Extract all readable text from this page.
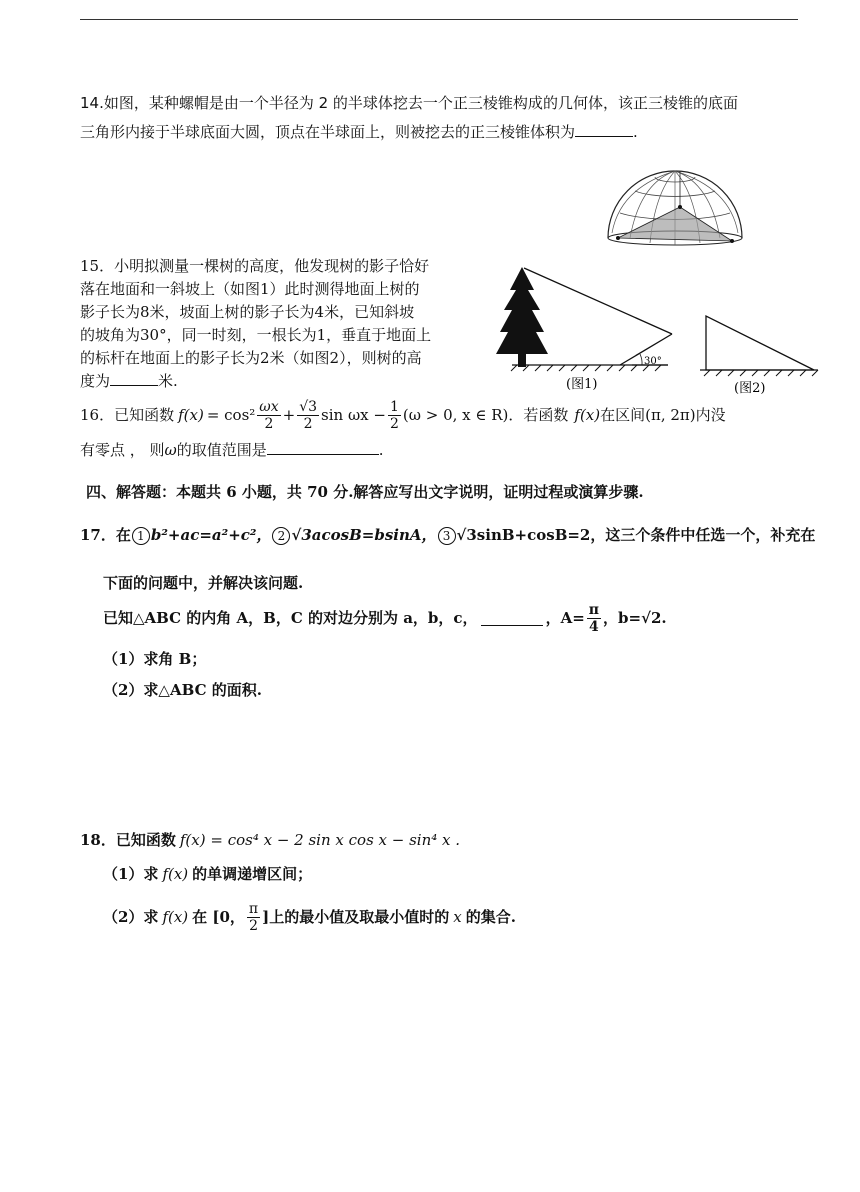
14.如图，某种螺帽是由一个半径为 2 的半球体挖去一个正三棱锥构成的几何体，该正三棱锥的底面
三角形内接于半球底面大圆，顶点在半球面上，则被挖去的正三棱锥体积为	.
15．小明拟测量一棵树的高度，他发现树的影子恰好
落在地面和一斜坡上（如图1）此时测得地面上树的
影子长为8米，坡面上树的影子长为4米，已知斜坡
的坡角为30°，同一时刻，一根长为1，垂直于地面上
的标杆在地面上的影子长为2米（如图2），则树的高
度为	米.
30°
(图1)	(图2)
16．已知函数 $f(x) = \cos^2 \frac{\omega x}{2} + \frac{√3}{2}$ $\sin \omega x - \frac{1}{2} (\omega > 0$, x ∈ R)．若函数 f(x) 在区间 (π, 2π) 内没
有零点 ， 则ω的取值范围是	.
四、解答题：本题共 6 小题，共 70 分.解答应写出文字说明，证明过程或演算步骤.
17．在 1 b²+ac=a²+c²， 2 √3acosB=bsinA， 3 √3sinB+cosB=2，这三个条件中任选一个，补充在
下面的问题中，并解决该问题.
已知△ABC 的内角 A，B，C 的对边分别为 a，b，c，	，$A= \frac{\pi}{4}$ ，b=√2.
（1）求角 B；
（2）求△ABC 的面积.
18．已知函数 f(x) = cos⁴ x − 2 sin x cos x − sin⁴ x .
（1）求 f(x) 的单调递增区间；
（2）求 f(x) 在 [0， $\frac{\pi}{2}$ ]上的最小值及取最小值时的 x 的集合.
